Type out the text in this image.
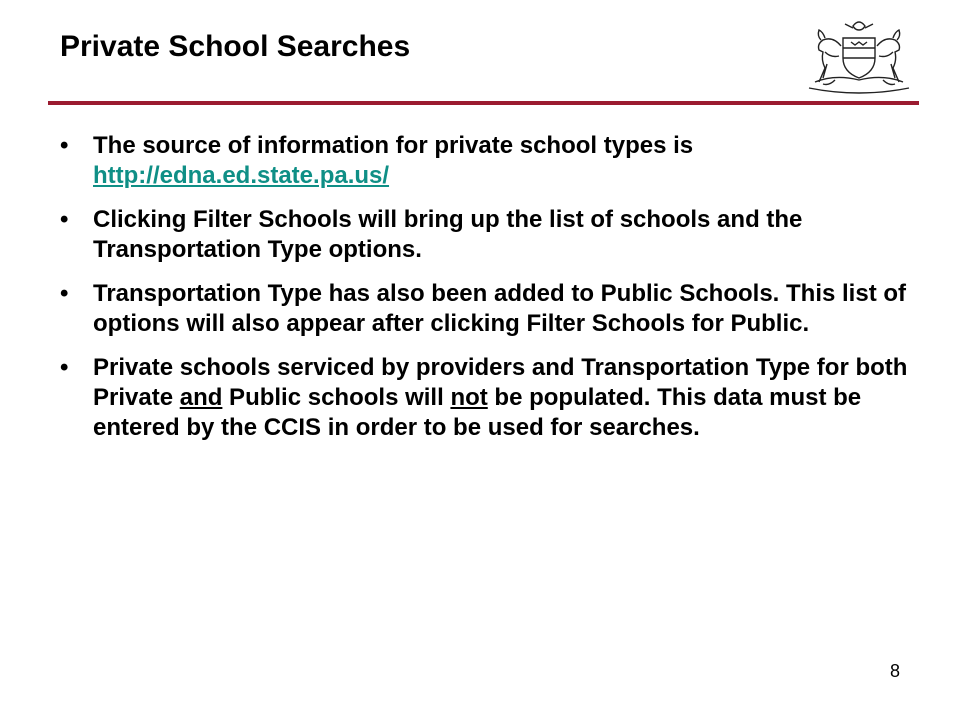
Private School Searches
• The source of information for private school types is http://edna.ed.state.pa.us/
• Clicking Filter Schools will bring up the list of schools and the Transportation Type options.
• Transportation Type has also been added to Public Schools. This list of options will also appear after clicking Filter Schools for Public.
• Private schools serviced by providers and Transportation Type for both Private and Public schools will not be populated. This data must be entered by the CCIS in order to be used for searches.
8
